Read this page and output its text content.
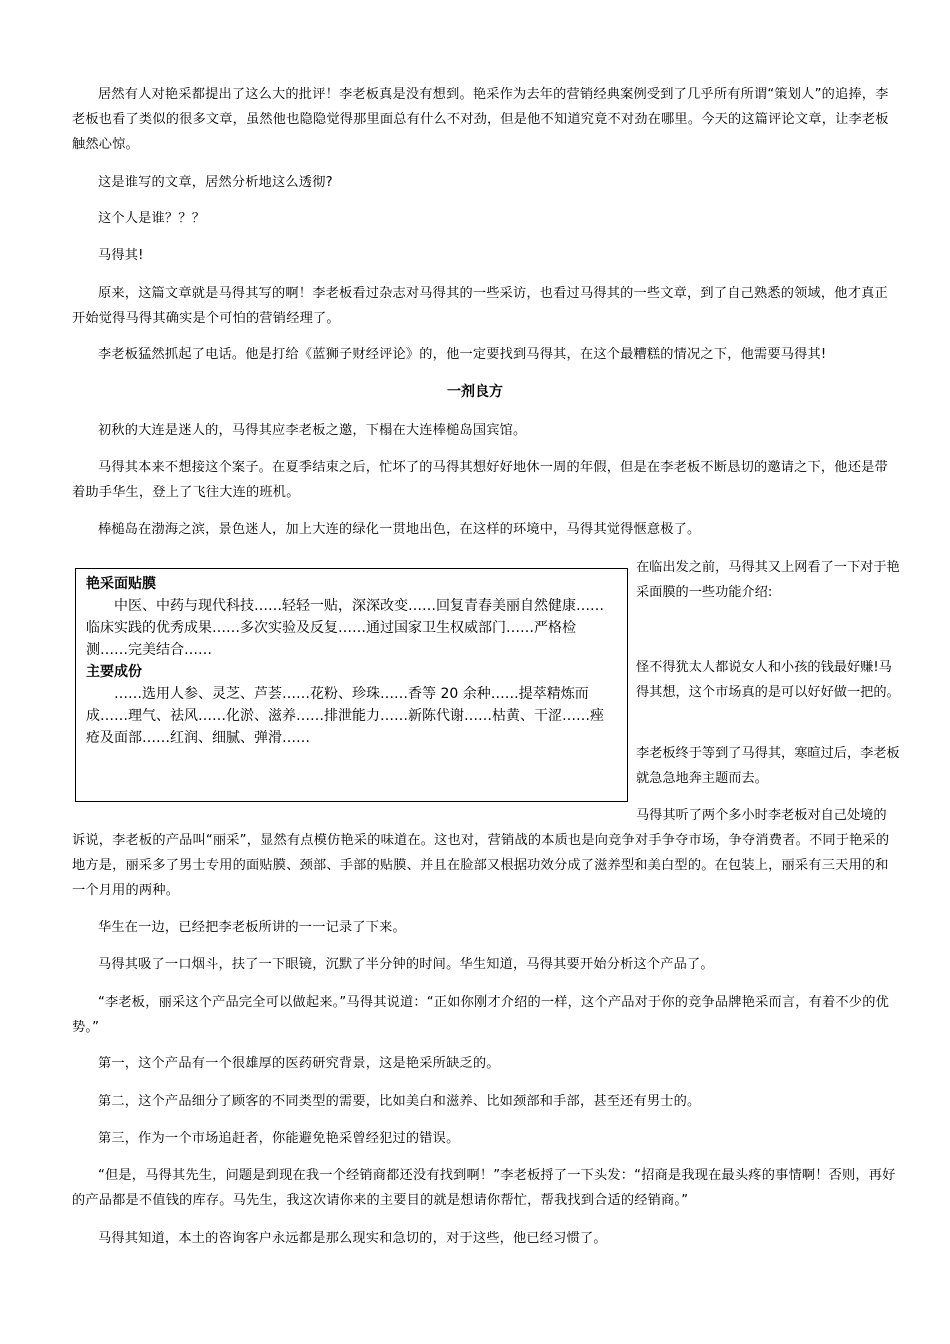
居然有人对艳采都提出了这么大的批评！李老板真是没有想到。艳采作为去年的营销经典案例受到了几乎所有所谓“策划人”的追捧，李老板也看了类似的很多文章，虽然他也隐隐觉得那里面总有什么不对劲，但是他不知道究竟不对劲在哪里。今天的这篇评论文章，让李老板触然心惊。

这是谁写的文章，居然分析地这么透彻?

这个人是谁？？？

马得其!

原来，这篇文章就是马得其写的啊！李老板看过杂志对马得其的一些采访，也看过马得其的一些文章，到了自己熟悉的领域，他才真正开始觉得马得其确实是个可怕的营销经理了。

李老板猛然抓起了电话。他是打给《蓝狮子财经评论》的，他一定要找到马得其，在这个最糟糕的情况之下，他需要马得其!

一剂良方

初秋的大连是迷人的，马得其应李老板之邀，下榻在大连棒槌岛国宾馆。

马得其本来不想接这个案子。在夏季结束之后，忙坏了的马得其想好好地休一周的年假，但是在李老板不断恳切的邀请之下，他还是带着助手华生，登上了飞往大连的班机。

棒槌岛在渤海之滨，景色迷人，加上大连的绿化一贯地出色，在这样的环境中，马得其觉得惬意极了。

艳采面贴膜

中医、中药与现代科技……轻轻一贴，深深改变……回复青春美丽自然健康……临床实践的优秀成果……多次实验及反复……通过国家卫生权威部门……严格检测……完美结合……

主要成份

……选用人参、灵芝、芦荟……花粉、珍珠……香等 20 余种……提萃精炼而成……理气、祛风……化淤、滋养……排泄能力……新陈代谢……枯黄、干涩……痤疮及面部……红润、细腻、弹滑……

在临出发之前，马得其又上网看了一下对于艳采面膜的一些功能介绍:

怪不得犹太人都说女人和小孩的钱最好赚!马得其想，这个市场真的是可以好好做一把的。

李老板终于等到了马得其，寒暄过后，李老板就急急地奔主题而去。

马得其听了两个多小时李老板对自己处境的

诉说，李老板的产品叫“丽采”，显然有点模仿艳采的味道在。这也对，营销战的本质也是向竞争对手争夺市场，争夺消费者。不同于艳采的地方是，丽采多了男士专用的面贴膜、颈部、手部的贴膜、并且在脸部又根据功效分成了滋养型和美白型的。在包装上，丽采有三天用的和一个月用的两种。

华生在一边，已经把李老板所讲的一一记录了下来。

马得其吸了一口烟斗，扶了一下眼镜，沉默了半分钟的时间。华生知道，马得其要开始分析这个产品了。

“李老板，丽采这个产品完全可以做起来。”马得其说道：“正如你刚才介绍的一样，这个产品对于你的竞争品牌艳采而言，有着不少的优势。”

第一，这个产品有一个很雄厚的医药研究背景，这是艳采所缺乏的。

第二，这个产品细分了顾客的不同类型的需要，比如美白和滋养、比如颈部和手部，甚至还有男士的。

第三，作为一个市场追赶者，你能避免艳采曾经犯过的错误。

“但是，马得其先生，问题是到现在我一个经销商都还没有找到啊！”李老板捋了一下头发：“招商是我现在最头疼的事情啊！否则，再好的产品都是不值钱的库存。马先生，我这次请你来的主要目的就是想请你帮忙，帮我找到合适的经销商。”

马得其知道，本土的咨询客户永远都是那么现实和急切的，对于这些，他已经习惯了。
